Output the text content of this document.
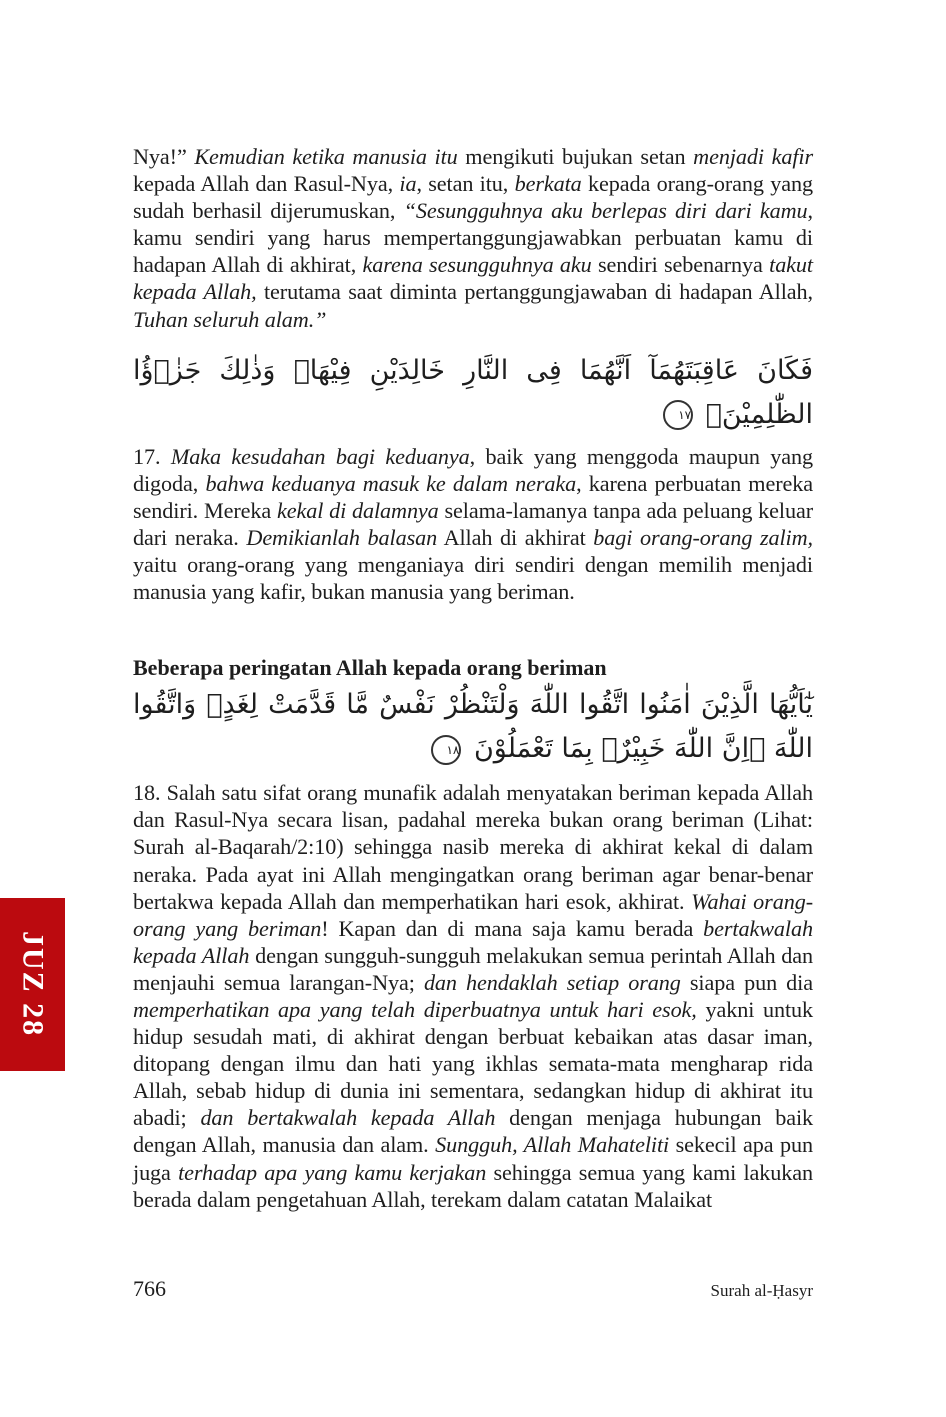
JUZ 28

Nya!” Kemudian ketika manusia itu mengikuti bujukan setan menjadi kafir kepada Allah dan Rasul-Nya, ia, setan itu, berkata kepada orang-orang yang sudah berhasil dijerumuskan, “Sesungguhnya aku berlepas diri dari kamu, kamu sendiri yang harus mempertanggungjawabkan perbuatan kamu di hadapan Allah di akhirat, karena sesungguhnya aku sendiri sebenarnya takut kepada Allah, terutama saat diminta pertanggungjawaban di hadapan Allah, Tuhan seluruh alam.”

فَكَانَ عَاقِبَتَهُمَآ اَنَّهُمَا فِى النَّارِ خَالِدَيْنِ فِيْهَاۗ وَذٰلِكَ جَزٰۤؤُا الظّٰلِمِيْنَࣖ ١٧

17. Maka kesudahan bagi keduanya, baik yang menggoda maupun yang digoda, bahwa keduanya masuk ke dalam neraka, karena perbuatan mereka sendiri. Mereka kekal di dalamnya selama-lamanya tanpa ada peluang keluar dari neraka. Demikianlah balasan Allah di akhirat bagi orang-orang zalim, yaitu orang-orang yang menganiaya diri sendiri dengan memilih menjadi manusia yang kafir, bukan manusia yang beriman.

Beberapa peringatan Allah kepada orang beriman

يٰٓاَيُّهَا الَّذِيْنَ اٰمَنُوا اتَّقُوا اللّٰهَ وَلْتَنْظُرْ نَفْسٌ مَّا قَدَّمَتْ لِغَدٍۚ وَاتَّقُوا اللّٰهَ ۗاِنَّ اللّٰهَ خَبِيْرٌۢ بِمَا تَعْمَلُوْنَ ١٨

18. Salah satu sifat orang munafik adalah menyatakan beriman kepada Allah dan Rasul-Nya secara lisan, padahal mereka bukan orang beriman (Lihat: Surah al-Baqarah/2:10) sehingga nasib mereka di akhirat kekal di dalam neraka. Pada ayat ini Allah mengingatkan orang beriman agar benar-benar bertakwa kepada Allah dan memperhatikan hari esok, akhirat. Wahai orang-orang yang beriman! Kapan dan di mana saja kamu berada bertakwalah kepada Allah dengan sungguh-sungguh melakukan semua perintah Allah dan menjauhi semua larangan-Nya; dan hendaklah setiap orang siapa pun dia memperhatikan apa yang telah diperbuatnya untuk hari esok, yakni untuk hidup sesudah mati, di akhirat dengan berbuat kebaikan atas dasar iman, ditopang dengan ilmu dan hati yang ikhlas semata-mata mengharap rida Allah, sebab hidup di dunia ini sementara, sedangkan hidup di akhirat itu abadi; dan bertakwalah kepada Allah dengan menjaga hubungan baik dengan Allah, manusia dan alam. Sungguh, Allah Mahateliti sekecil apa pun juga terhadap apa yang kamu kerjakan sehingga semua yang kami lakukan berada dalam pengetahuan Allah, terekam dalam catatan Malaikat

766	Surah al-Ḥasyr
